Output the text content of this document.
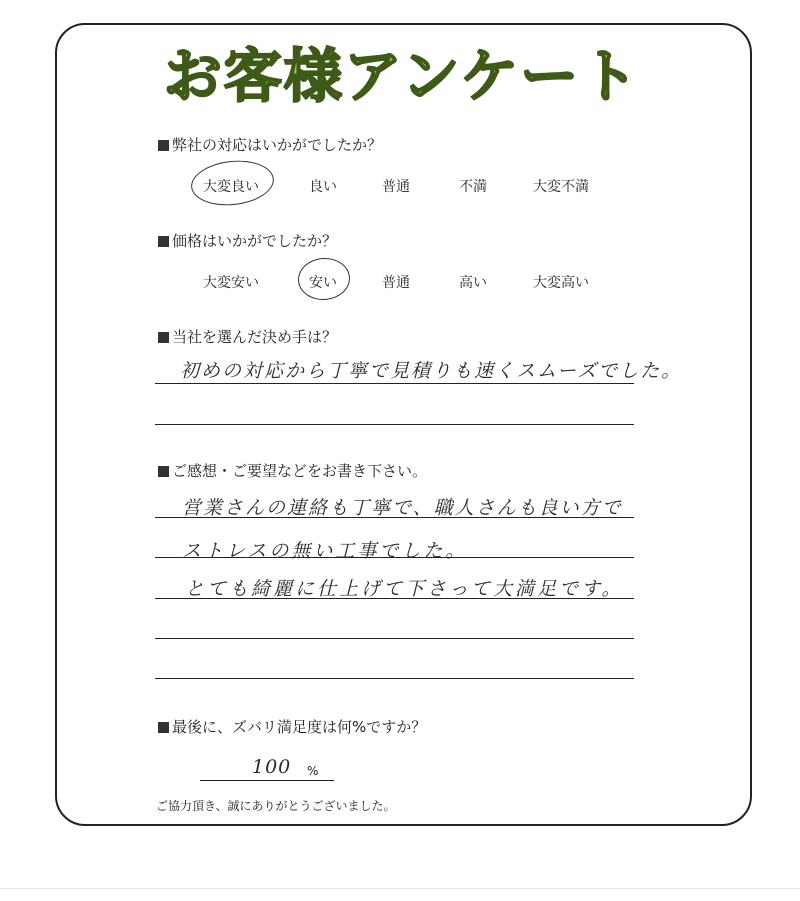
お客様アンケート
弊社の対応はいかがでしたか？
大変良い	良い	普通	不満	大変不満
価格はいかがでしたか？
大変安い	安い	普通	高い	大変高い
当社を選んだ決め手は？
初めの対応から丁寧で見積りも速くスムーズでした。
ご感想・ご要望などをお書き下さい。
営業さんの連絡も丁寧で、職人さんも良い方で
ストレスの無い工事でした。
とても綺麗に仕上げて下さって大満足です。
最後に、ズバリ満足度は何%ですか？
100 %
ご協力頂き、誠にありがとうございました。
